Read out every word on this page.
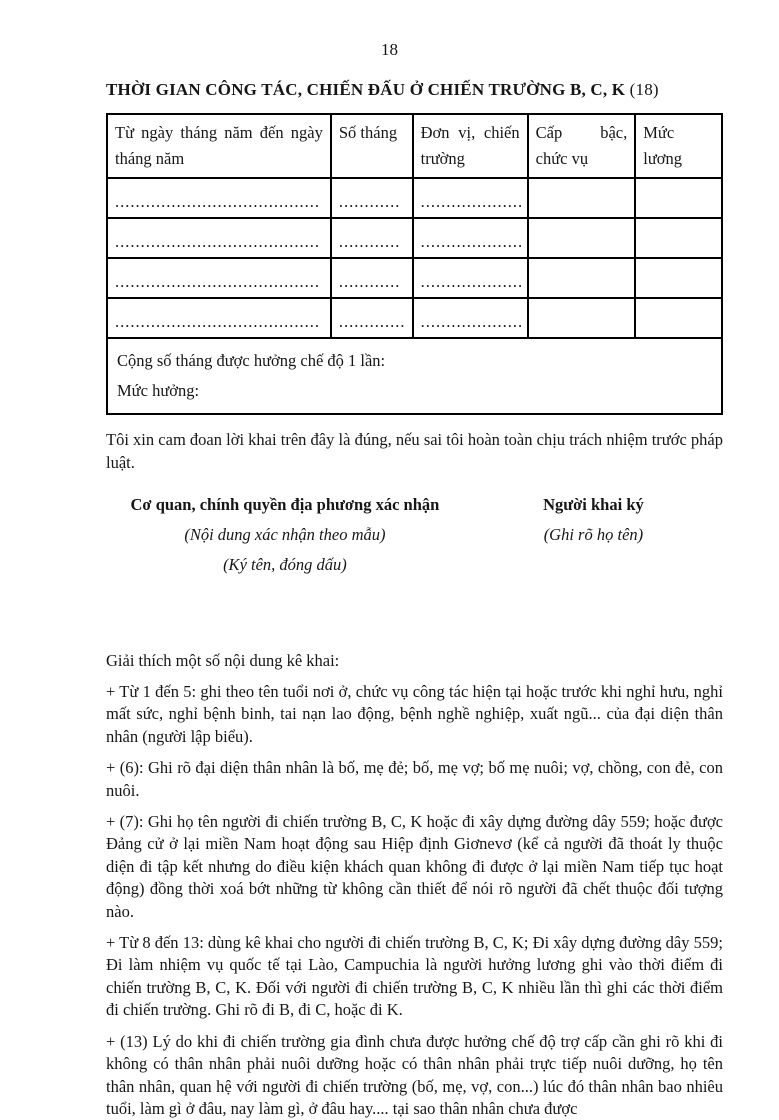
18
THỜI GIAN CÔNG TÁC, CHIẾN ĐẤU Ở CHIẾN TRƯỜNG B, C, K (18)
Từ ngày tháng năm đến ngày tháng năm	Số tháng	Đơn vị, chiến trường	Cấp bậc, chức vụ	Mức lương
........................................	............	....................		
........................................	............	....................		
........................................	............	....................		
........................................	.............	....................		

Cộng số tháng được hưởng chế độ 1 lần:
Mức hưởng:				

Tôi xin cam đoan lời khai trên đây là đúng, nếu sai tôi hoàn toàn chịu trách nhiệm trước pháp luật.

Cơ quan, chính quyền địa phương xác nhận
(Nội dung xác nhận theo mẫu)
(Ký tên, đóng dấu)
Người khai ký
(Ghi rõ họ tên)
Giải thích một số nội dung kê khai:

+ Từ 1 đến 5: ghi theo tên tuổi nơi ở, chức vụ công tác hiện tại hoặc trước khi nghỉ hưu, nghỉ mất sức, nghỉ bệnh binh, tai nạn lao động, bệnh nghề nghiệp, xuất ngũ... của đại diện thân nhân (người lập biểu).

+ (6): Ghi rõ đại diện thân nhân là bố, mẹ đẻ; bố, mẹ vợ; bố mẹ nuôi; vợ, chồng, con đẻ, con nuôi.

+ (7): Ghi họ tên người đi chiến trường B, C, K hoặc đi xây dựng đường dây 559; hoặc được Đảng cử ở lại miền Nam hoạt động sau Hiệp định Giơnevơ (kể cả người đã thoát ly thuộc diện đi tập kết nhưng do điều kiện khách quan không đi được ở lại miền Nam tiếp tục hoạt động) đồng thời xoá bớt những từ không cần thiết để nói rõ người đã chết thuộc đối tượng nào.

+ Từ 8 đến 13: dùng kê khai cho người đi chiến trường B, C, K; Đi xây dựng đường dây 559; Đi làm nhiệm vụ quốc tế tại Lào, Campuchia là người hưởng lương ghi vào thời điểm đi chiến trường B, C, K. Đối với người đi chiến trường B, C, K nhiều lần thì ghi các thời điểm đi chiến trường. Ghi rõ đi B, đi C, hoặc đi K.

+ (13) Lý do khi đi chiến trường gia đình chưa được hưởng chế độ trợ cấp cần ghi rõ khi đi không có thân nhân phải nuôi dưỡng hoặc có thân nhân phải trực tiếp nuôi dưỡng, họ tên thân nhân, quan hệ với người đi chiến trường (bố, mẹ, vợ, con...) lúc đó thân nhân bao nhiêu tuổi, làm gì ở đâu, nay làm gì, ở đâu hay.... tại sao thân nhân chưa được
